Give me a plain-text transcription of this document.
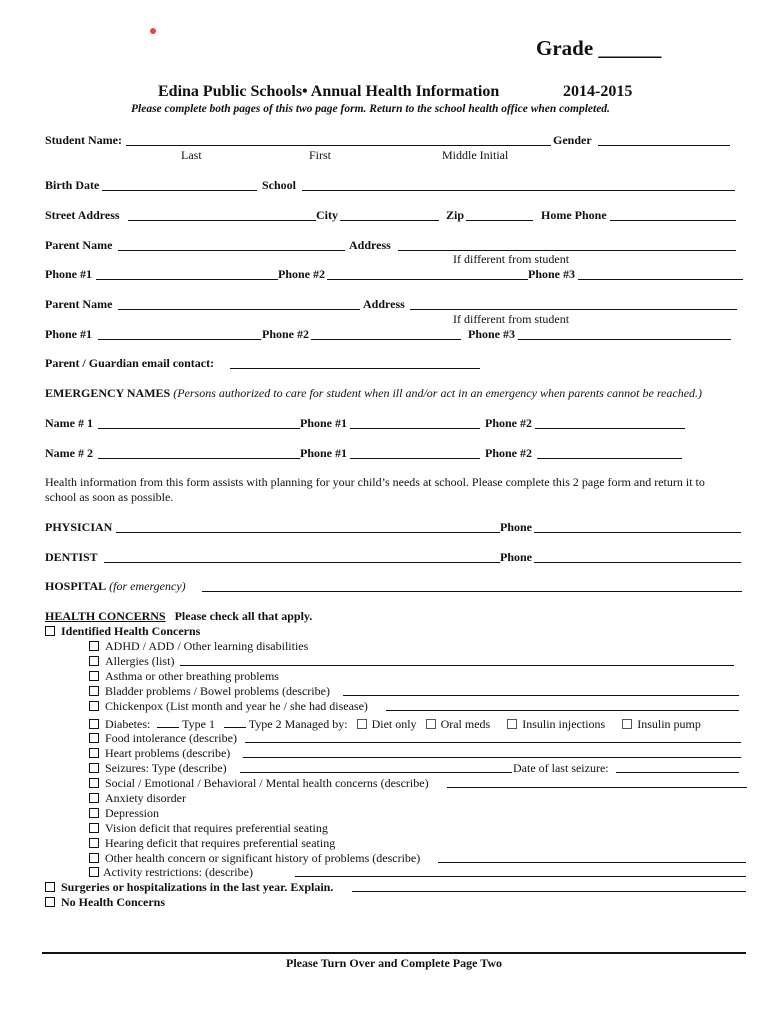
Grade ______
Edina Public Schools• Annual Health Information	2014-2015
Please complete both pages of this two page form. Return to the school health office when completed.
Student Name:	Gender
Last	First	Middle Initial
Birth Date	School
Street Address	City	Zip	Home Phone
Parent Name	Address
If different from student
Phone #1	Phone #2	Phone #3
Parent Name	Address
If different from student
Phone #1	Phone #2	Phone #3
Parent / Guardian email contact:
EMERGENCY NAMES (Persons authorized to care for student when ill and/or act in an emergency when parents cannot be reached.)
Name # 1	Phone #1	Phone #2
Name # 2	Phone #1	Phone #2
Health information from this form assists with planning for your child’s needs at school. Please complete this 2 page form and return it to
school as soon as possible.
PHYSICIAN	Phone
DENTIST	Phone
HOSPITAL (for emergency)
HEALTH CONCERNS Please check all that apply.
Identified Health Concerns
ADHD / ADD / Other learning disabilities
Allergies (list)
Asthma or other breathing problems
Bladder problems / Bowel problems (describe)
Chickenpox (List month and year he / she had disease)
Diabetes:	Type 1	Type 2 Managed by: Diet only Oral meds	Insulin injections	Insulin pump
Food intolerance (describe)
Heart problems (describe)
Seizures: Type (describe)	Date of last seizure:
Social / Emotional / Behavioral / Mental health concerns (describe)
Anxiety disorder
Depression
Vision deficit that requires preferential seating
Hearing deficit that requires preferential seating
Other health concern or significant history of problems (describe)
Activity restrictions: (describe)
Surgeries or hospitalizations in the last year. Explain.
No Health Concerns
Please Turn Over and Complete Page Two
